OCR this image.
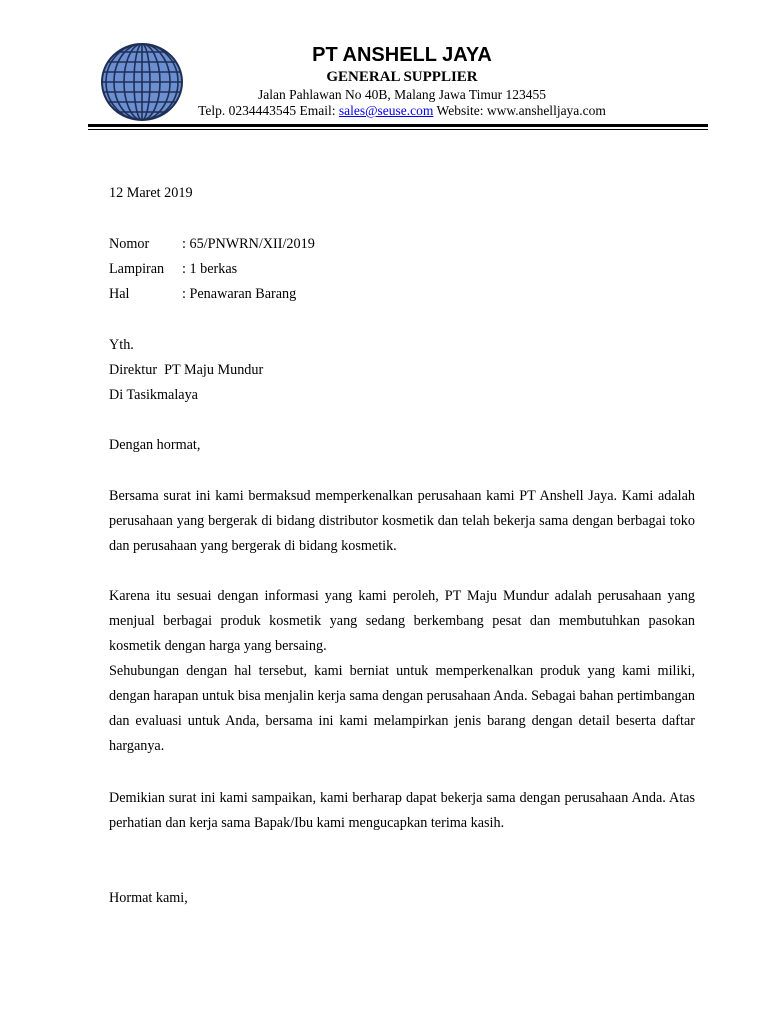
PT ANSHELL JAYA
GENERAL SUPPLIER
Jalan Pahlawan No 40B, Malang Jawa Timur 123455
Telp. 0234443545 Email: sales@seuse.com Website: www.anshelljaya.com
12 Maret 2019
Nomor : 65/PNWRN/XII/2019
Lampiran : 1 berkas
Hal	: Penawaran Barang
Yth.
Direktur  PT Maju Mundur
Di Tasikmalaya
Dengan hormat,

Bersama surat ini kami bermaksud memperkenalkan perusahaan kami PT Anshell Jaya. Kami adalah perusahaan yang bergerak di bidang distributor kosmetik dan telah bekerja sama dengan berbagai toko dan perusahaan yang bergerak di bidang kosmetik.

Karena itu sesuai dengan informasi yang kami peroleh, PT Maju Mundur adalah perusahaan yang menjual berbagai produk kosmetik yang sedang berkembang pesat dan membutuhkan pasokan kosmetik dengan harga yang bersaing.

Sehubungan dengan hal tersebut, kami berniat untuk memperkenalkan produk yang kami miliki, dengan harapan untuk bisa menjalin kerja sama dengan perusahaan Anda. Sebagai bahan pertimbangan dan evaluasi untuk Anda, bersama ini kami melampirkan jenis barang dengan detail beserta daftar harganya.

Demikian surat ini kami sampaikan, kami berharap dapat bekerja sama dengan perusahaan Anda. Atas perhatian dan kerja sama Bapak/Ibu kami mengucapkan terima kasih.

Hormat kami,
